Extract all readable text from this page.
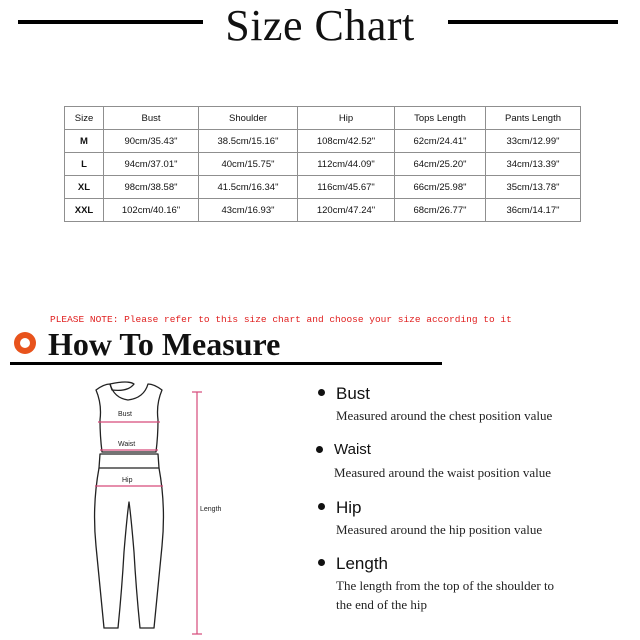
Size Chart
Size	Bust	Shoulder	Hip	Tops Length	Pants Length
M	90cm/35.43"	38.5cm/15.16"	108cm/42.52"	62cm/24.41"	33cm/12.99"
L	94cm/37.01"	40cm/15.75"	112cm/44.09"	64cm/25.20"	34cm/13.39"
XL	98cm/38.58"	41.5cm/16.34"	116cm/45.67"	66cm/25.98"	35cm/13.78"
XXL	102cm/40.16"	43cm/16.93"	120cm/47.24"	68cm/26.77"	36cm/14.17"
PLEASE NOTE: Please refer to this size chart and choose your size according to it
How To Measure
Bust
Waist
Hip
Length
Bust
Measured around the chest position value
Waist
Measured around the waist position value
Hip
Measured around the hip position value
Length
The length from the top of the shoulder to
the end of the hip
